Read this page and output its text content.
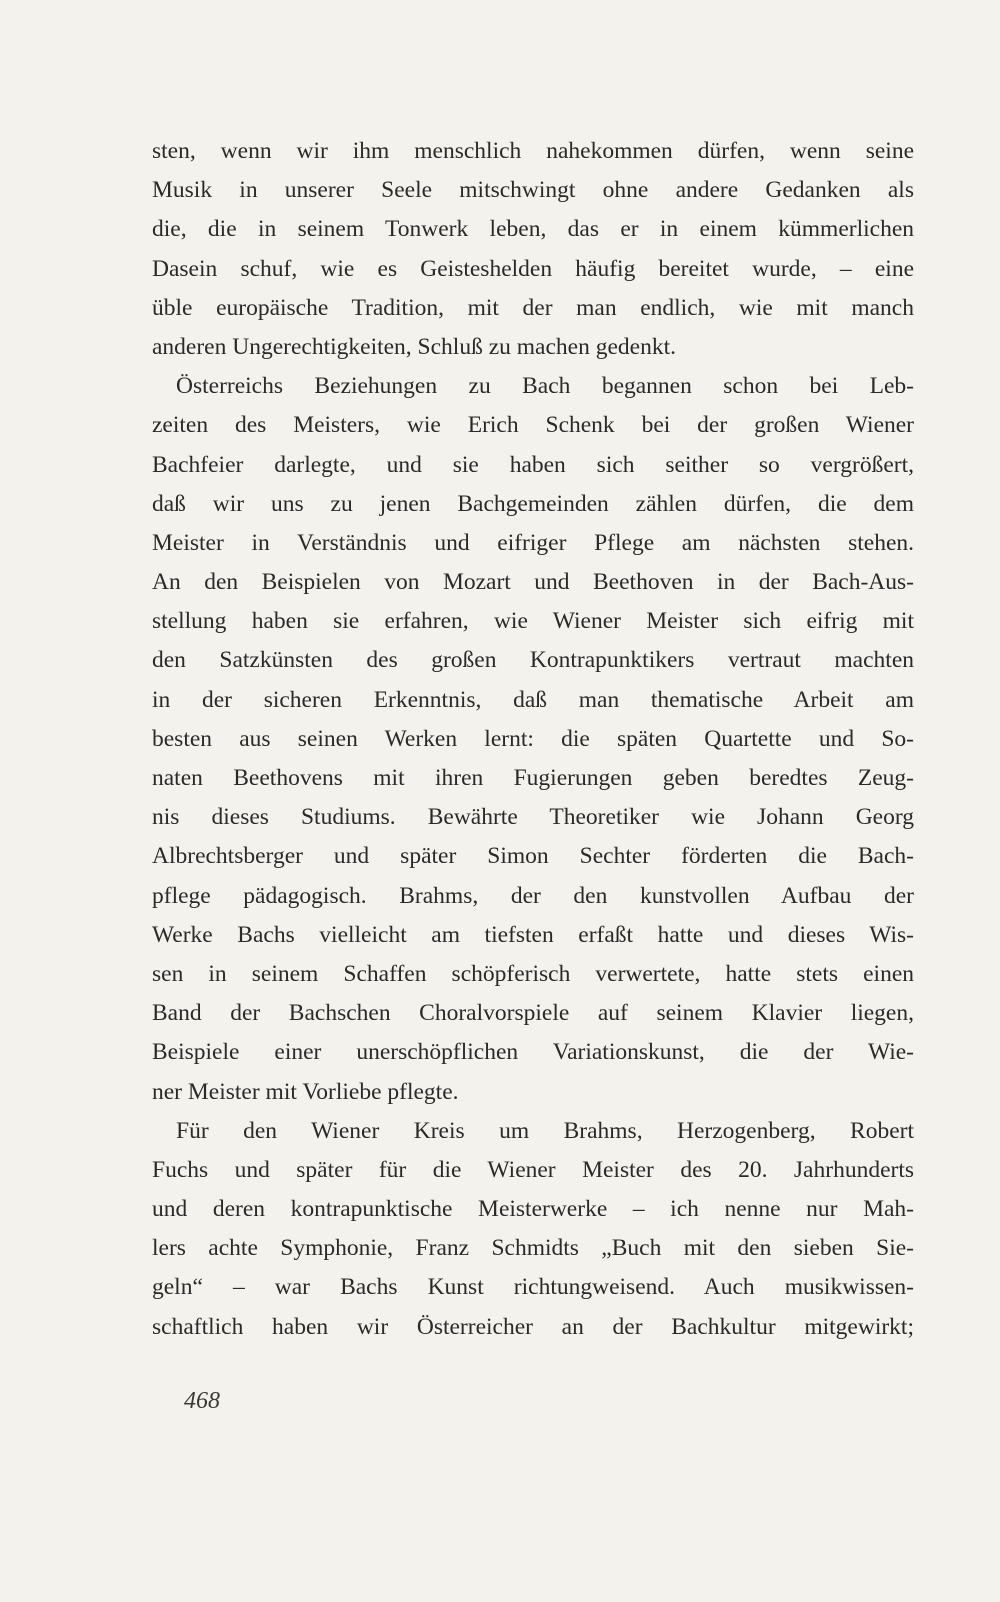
sten, wenn wir ihm menschlich nahekommen dürfen, wenn seine
Musik in unserer Seele mitschwingt ohne andere Gedanken als
die, die in seinem Tonwerk leben, das er in einem kümmerlichen
Dasein schuf, wie es Geisteshelden häufig bereitet wurde, – eine
üble europäische Tradition, mit der man endlich, wie mit manch
anderen Ungerechtigkeiten, Schluß zu machen gedenkt.
Österreichs Beziehungen zu Bach begannen schon bei Leb-
zeiten des Meisters, wie Erich Schenk bei der großen Wiener
Bachfeier darlegte, und sie haben sich seither so vergrößert,
daß wir uns zu jenen Bachgemeinden zählen dürfen, die dem
Meister in Verständnis und eifriger Pflege am nächsten stehen.
An den Beispielen von Mozart und Beethoven in der Bach-Aus-
stellung haben sie erfahren, wie Wiener Meister sich eifrig mit
den Satzkünsten des großen Kontrapunktikers vertraut machten
in der sicheren Erkenntnis, daß man thematische Arbeit am
besten aus seinen Werken lernt: die späten Quartette und So-
naten Beethovens mit ihren Fugierungen geben beredtes Zeug-
nis dieses Studiums. Bewährte Theoretiker wie Johann Georg
Albrechtsberger und später Simon Sechter förderten die Bach-
pflege pädagogisch. Brahms, der den kunstvollen Aufbau der
Werke Bachs vielleicht am tiefsten erfaßt hatte und dieses Wis-
sen in seinem Schaffen schöpferisch verwertete, hatte stets einen
Band der Bachschen Choralvorspiele auf seinem Klavier liegen,
Beispiele einer unerschöpflichen Variationskunst, die der Wie-
ner Meister mit Vorliebe pflegte.
Für den Wiener Kreis um Brahms, Herzogenberg, Robert
Fuchs und später für die Wiener Meister des 20. Jahrhunderts
und deren kontrapunktische Meisterwerke – ich nenne nur Mah-
lers achte Symphonie, Franz Schmidts „Buch mit den sieben Sie-
geln“ – war Bachs Kunst richtungweisend. Auch musikwissen-
schaftlich haben wir Österreicher an der Bachkultur mitgewirkt;
468
